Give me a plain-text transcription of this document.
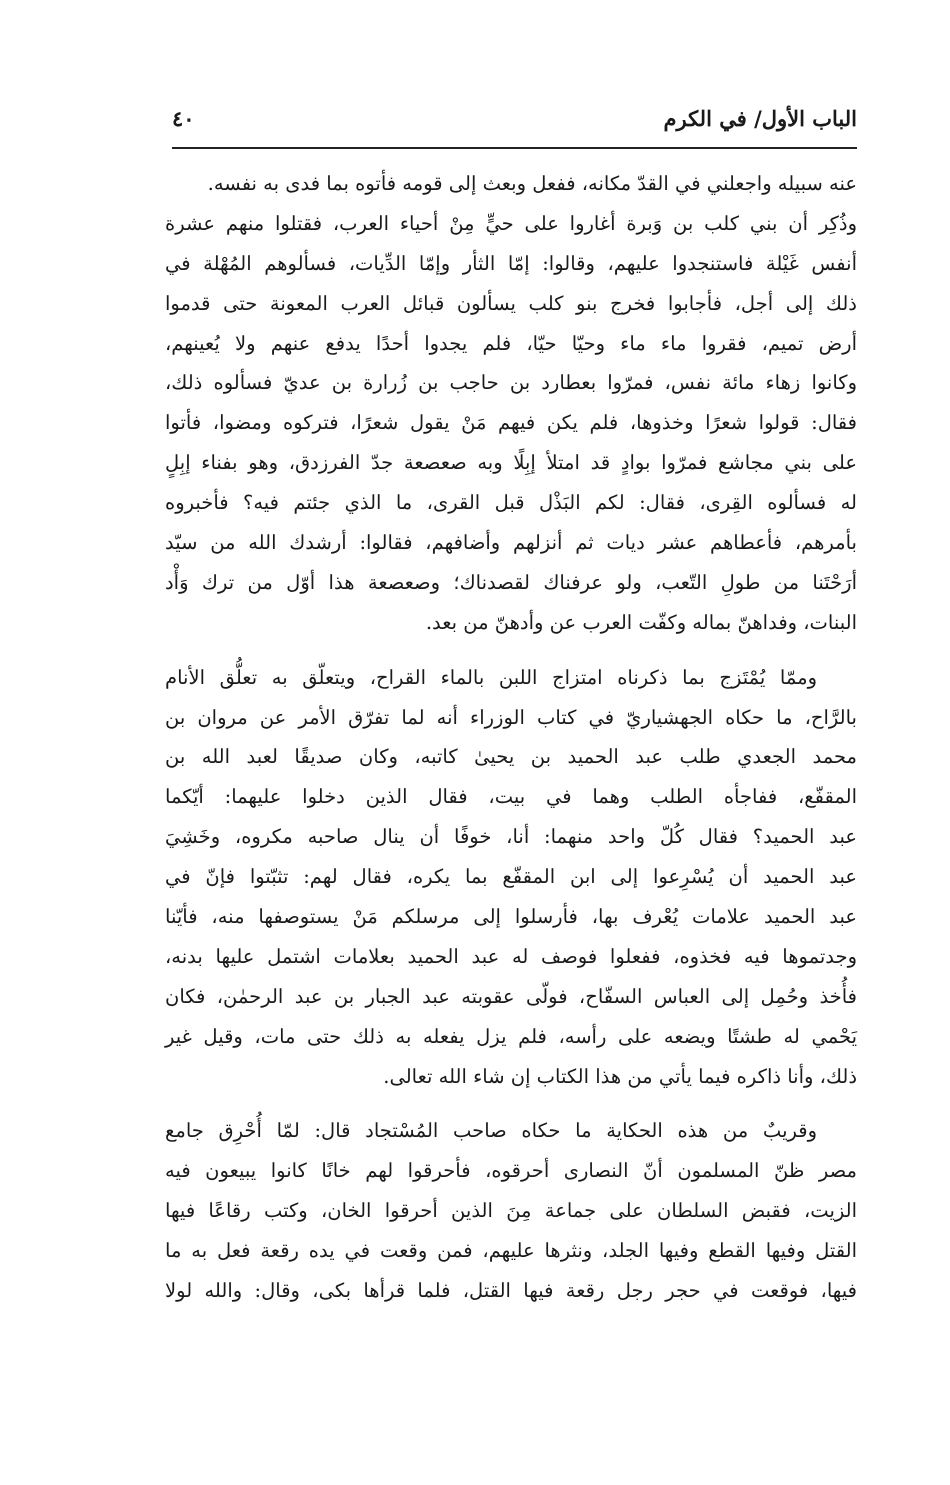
الباب الأول/ في الكرم
٤٠
عنه سبيله واجعلني في القدّ مكانه، ففعل وبعث إلى قومه فأتوه بما فدى به نفسه.
وذُكِر أن بني كلب بن وَبرة أغاروا على حيٍّ مِنْ أحياء العرب، فقتلوا منهم عشرة
أنفس غَيْلة فاستنجدوا عليهم، وقالوا: إمّا الثأر وإمّا الدِّيات، فسألوهم المُهْلة في
ذلك إلى أجل، فأجابوا فخرج بنو كلب يسألون قبائل العرب المعونة حتى قدموا
أرض تميم، فقروا ماء ماء وحيّا حيّا، فلم يجدوا أحدًا يدفع عنهم ولا يُعينهم،
وكانوا زهاء مائة نفس، فمرّوا بعطارد بن حاجب بن زُرارة بن عديّ فسألوه ذلك،
فقال: قولوا شعرًا وخذوها، فلم يكن فيهم مَنْ يقول شعرًا، فتركوه ومضوا، فأتوا
على بني مجاشع فمرّوا بوادٍ قد امتلأ إبِلًا وبه صعصعة جدّ الفرزدق، وهو بفناء إبِلٍ
له فسألوه القِرى، فقال: لكم البَذْل قبل القرى، ما الذي جئتم فيه؟ فأخبروه
بأمرهم، فأعطاهم عشر ديات ثم أنزلهم وأضافهم، فقالوا: أرشدك الله من سيّد
أرَحْتَنا من طولِ التّعب، ولو عرفناك لقصدناك؛ وصعصعة هذا أوّل من ترك وَأْد
البنات، وفداهنّ بماله وكفّت العرب عن وأدهنّ من بعد.
وممّا يُمْتَزج بما ذكرناه امتزاج اللبن بالماء القراح، ويتعلّق به تعلُّق الأنام
بالرَّاح، ما حكاه الجهشياريّ في كتاب الوزراء أنه لما تفرّق الأمر عن مروان بن
محمد الجعدي طلب عبد الحميد بن يحيىٰ كاتبه، وكان صديقًا لعبد الله بن
المقفّع، ففاجأه الطلب وهما في بيت، فقال الذين دخلوا عليهما: أيّكما
عبد الحميد؟ فقال كُلّ واحد منهما: أنا، خوفًا أن ينال صاحبه مكروه، وخَشِيَ
عبد الحميد أن يُسْرِعوا إلى ابن المقفّع بما يكره، فقال لهم: تثبّتوا فإنّ في
عبد الحميد علامات يُعْرف بها، فأرسلوا إلى مرسلكم مَنْ يستوصفها منه، فأيّنا
وجدتموها فيه فخذوه، ففعلوا فوصف له عبد الحميد بعلامات اشتمل عليها بدنه،
فأُخذ وحُمِل إلى العباس السفّاح، فولّى عقوبته عبد الجبار بن عبد الرحمٰن، فكان
يَحْمي له طشتًا ويضعه على رأسه، فلم يزل يفعله به ذلك حتى مات، وقيل غير
ذلك، وأنا ذاكره فيما يأتي من هذا الكتاب إن شاء الله تعالى.
وقريبٌ من هذه الحكاية ما حكاه صاحب المُسْتجاد قال: لمّا أُحْرِق جامع
مصر ظنّ المسلمون أنّ النصارى أحرقوه، فأحرقوا لهم خانًا كانوا يبيعون فيه
الزيت، فقبض السلطان على جماعة مِنَ الذين أحرقوا الخان، وكتب رقاعًا فيها
القتل وفيها القطع وفيها الجلد، ونثرها عليهم، فمن وقعت في يده رقعة فعل به ما
فيها، فوقعت في حجر رجل رقعة فيها القتل، فلما قرأها بكى، وقال: والله لولا
